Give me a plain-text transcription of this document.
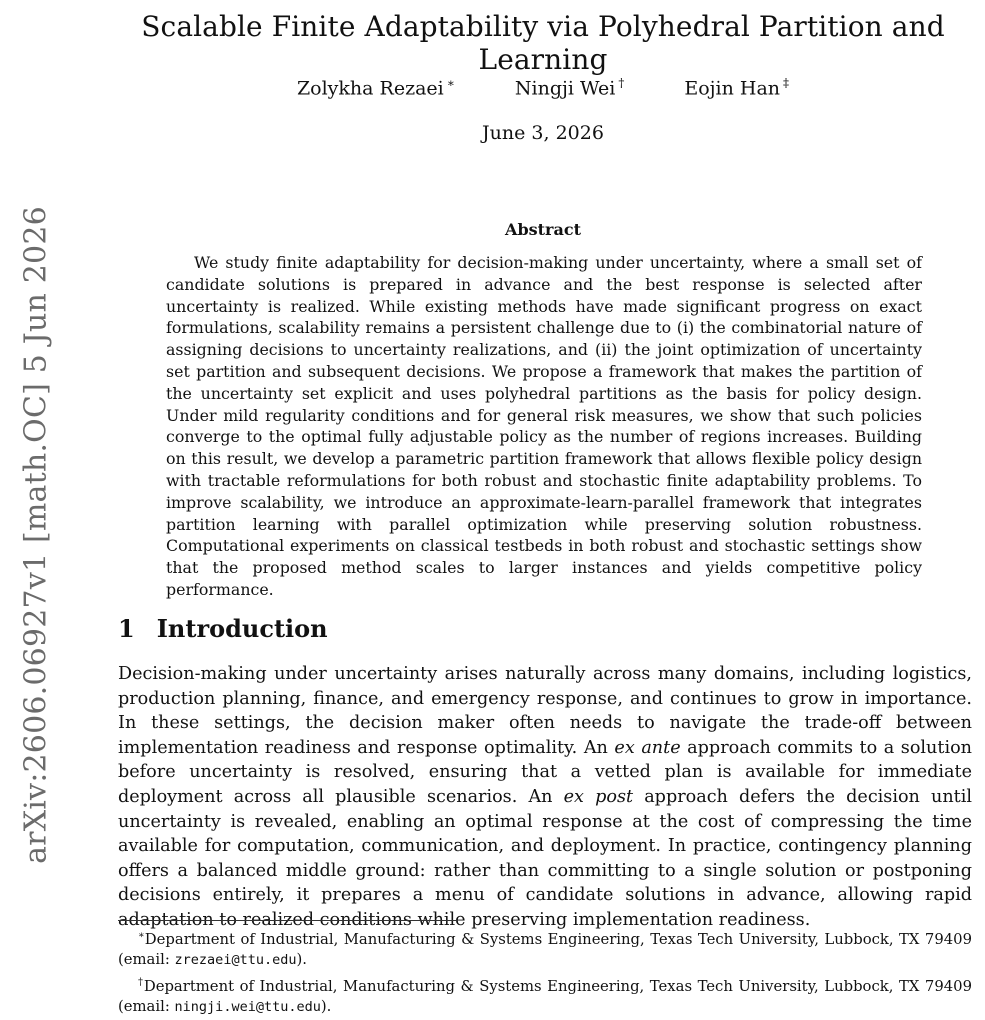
arXiv:2606.06927v1 [math.OC] 5 Jun 2026
Scalable Finite Adaptability via Polyhedral Partition and Learning
Zolykha Rezaei ∗	Ningji Wei †	Eojin Han ‡
June 3, 2026
Abstract

We study finite adaptability for decision-making under uncertainty, where a small set of candidate solutions is prepared in advance and the best response is selected after uncertainty is realized. While existing methods have made significant progress on exact formulations, scalability remains a persistent challenge due to (i) the combinatorial nature of assigning decisions to uncertainty realizations, and (ii) the joint optimization of uncertainty set partition and subsequent decisions. We propose a framework that makes the partition of the uncertainty set explicit and uses polyhedral partitions as the basis for policy design. Under mild regularity conditions and for general risk measures, we show that such policies converge to the optimal fully adjustable policy as the number of regions increases. Building on this result, we develop a parametric partition framework that allows flexible policy design with tractable reformulations for both robust and stochastic finite adaptability problems. To improve scalability, we introduce an approximate-learn-parallel framework that integrates partition learning with parallel optimization while preserving solution robustness. Computational experiments on classical testbeds in both robust and stochastic settings show that the proposed method scales to larger instances and yields competitive policy performance.

1 Introduction

Decision-making under uncertainty arises naturally across many domains, including logistics, production planning, finance, and emergency response, and continues to grow in importance. In these settings, the decision maker often needs to navigate the trade-off between implementation readiness and response optimality. An ex ante approach commits to a solution before uncertainty is resolved, ensuring that a vetted plan is available for immediate deployment across all plausible scenarios. An ex post approach defers the decision until uncertainty is revealed, enabling an optimal response at the cost of compressing the time available for computation, communication, and deployment. In practice, contingency planning offers a balanced middle ground: rather than committing to a single solution or postponing decisions entirely, it prepares a menu of candidate solutions in advance, allowing rapid adaptation to realized conditions while preserving implementation readiness.

∗Department of Industrial, Manufacturing & Systems Engineering, Texas Tech University, Lubbock, TX 79409 (email: zrezaei@ttu.edu).

†Department of Industrial, Manufacturing & Systems Engineering, Texas Tech University, Lubbock, TX 79409 (email: ningji.wei@ttu.edu).
